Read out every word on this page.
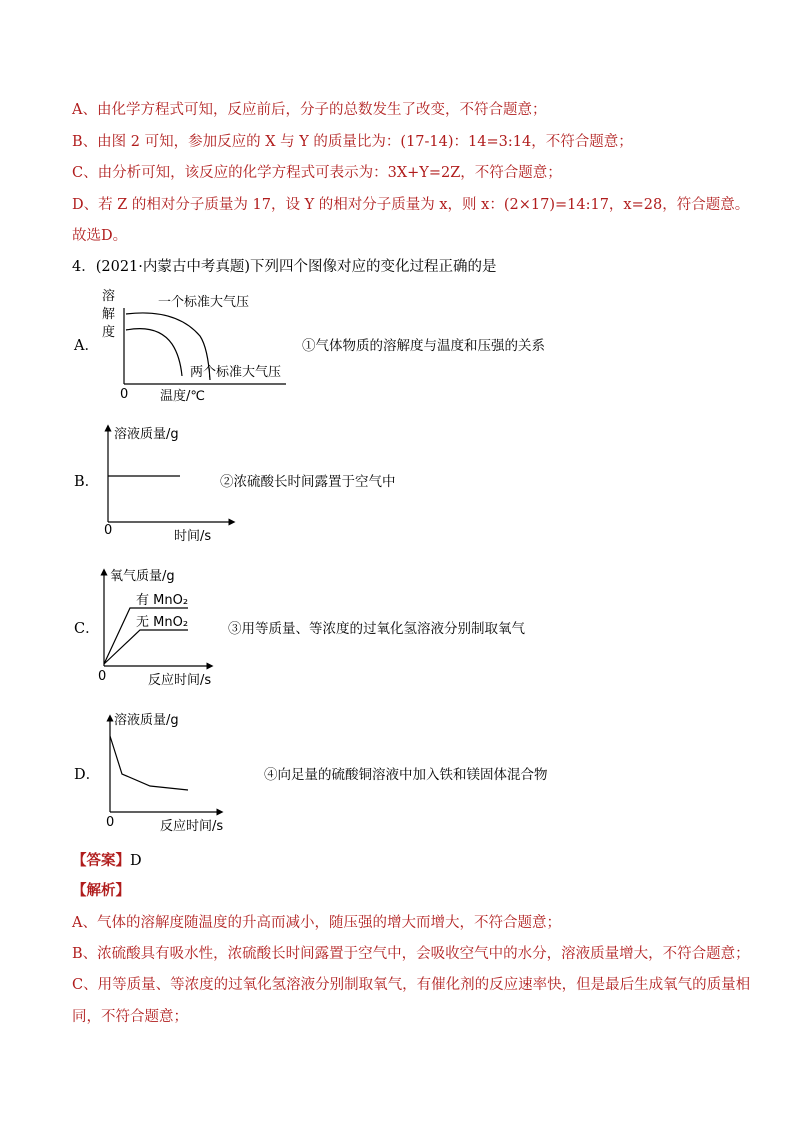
A、由化学方程式可知，反应前后，分子的总数发生了改变，不符合题意；
B、由图 2 可知，参加反应的 X 与 Y 的质量比为：(17-14)：14=3:14，不符合题意；
C、由分析可知，该反应的化学方程式可表示为：3X+Y=2Z，不符合题意；
D、若 Z 的相对分子质量为 17，设 Y 的相对分子质量为 x，则 x：(2×17)=14:17，x=28，符合题意。
故选D。
4．(2021·内蒙古中考真题)下列四个图像对应的变化过程正确的是
A．
溶
解
度
0 温度/℃
一个标准大气压
两个标准大气压
①气体物质的溶解度与温度和压强的关系
B．
溶液质量/g
0	时间/s
②浓硫酸长时间露置于空气中
C．
氧气质量/g
0	反应时间/s
有 MnO₂
无 MnO₂	③用等质量、等浓度的过氧化氢溶液分别制取氧气
D．
溶液质量/g
0	反应时间/s
④向足量的硫酸铜溶液中加入铁和镁固体混合物
【答案】D
【解析】
A、气体的溶解度随温度的升高而减小，随压强的增大而增大，不符合题意；
B、浓硫酸具有吸水性，浓硫酸长时间露置于空气中，会吸收空气中的水分，溶液质量增大，不符合题意；
C、用等质量、等浓度的过氧化氢溶液分别制取氧气，有催化剂的反应速率快，但是最后生成氧气的质量相
同，不符合题意；
